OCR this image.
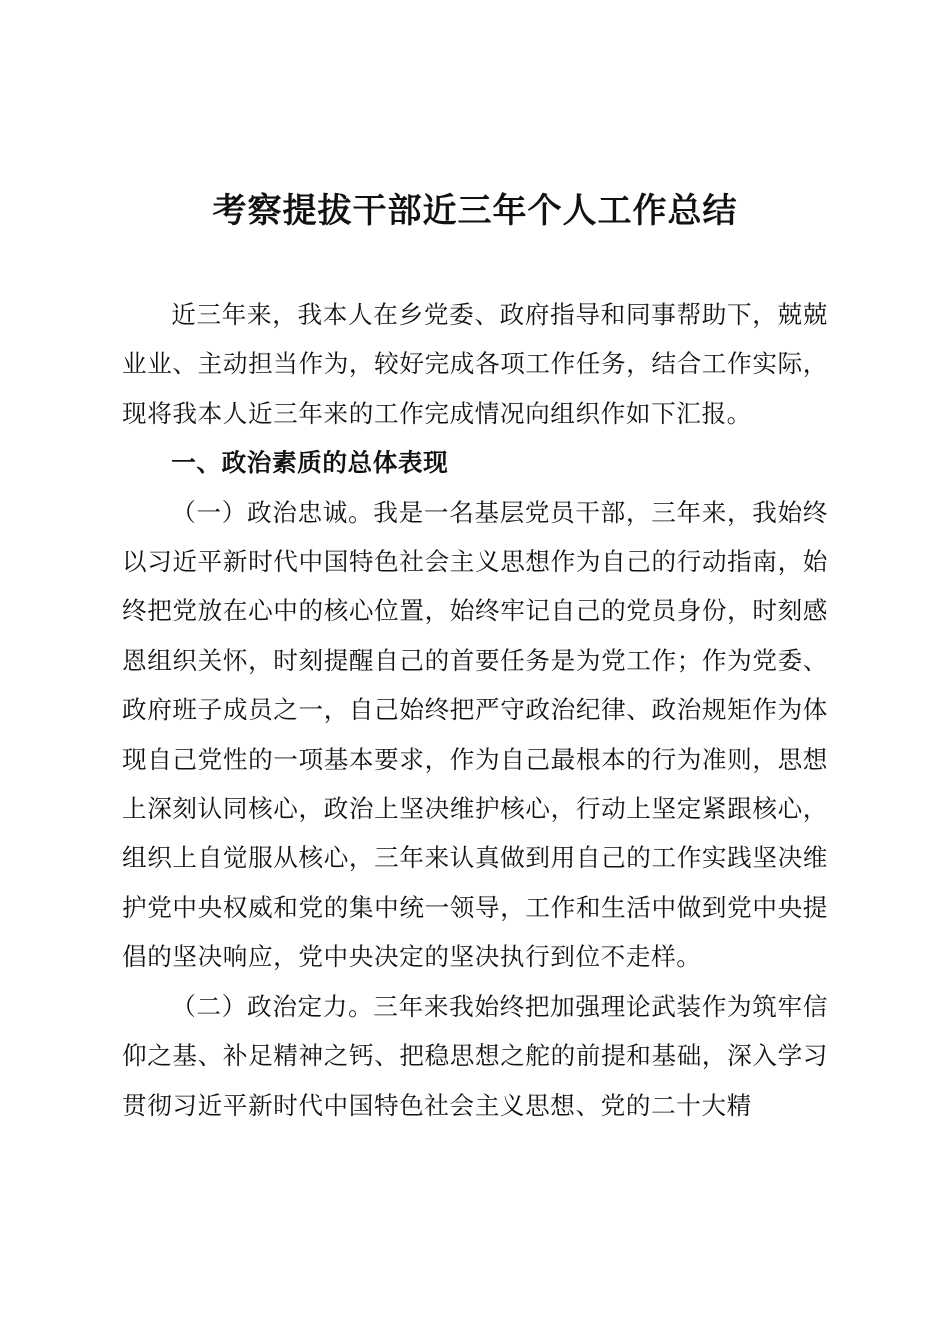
考察提拔干部近三年个人工作总结

近三年来，我本人在乡党委、政府指导和同事帮助下，兢兢业业、主动担当作为，较好完成各项工作任务，结合工作实际，现将我本人近三年来的工作完成情况向组织作如下汇报。

一、政治素质的总体表现

（一）政治忠诚。我是一名基层党员干部，三年来，我始终以习近平新时代中国特色社会主义思想作为自己的行动指南，始终把党放在心中的核心位置，始终牢记自己的党员身份，时刻感恩组织关怀，时刻提醒自己的首要任务是为党工作；作为党委、政府班子成员之一，自己始终把严守政治纪律、政治规矩作为体现自己党性的一项基本要求，作为自己最根本的行为准则，思想上深刻认同核心，政治上坚决维护核心，行动上坚定紧跟核心，组织上自觉服从核心，三年来认真做到用自己的工作实践坚决维护党中央权威和党的集中统一领导，工作和生活中做到党中央提倡的坚决响应，党中央决定的坚决执行到位不走样。

（二）政治定力。三年来我始终把加强理论武装作为筑牢信仰之基、补足精神之钙、把稳思想之舵的前提和基础，深入学习贯彻习近平新时代中国特色社会主义思想、党的二十大精
